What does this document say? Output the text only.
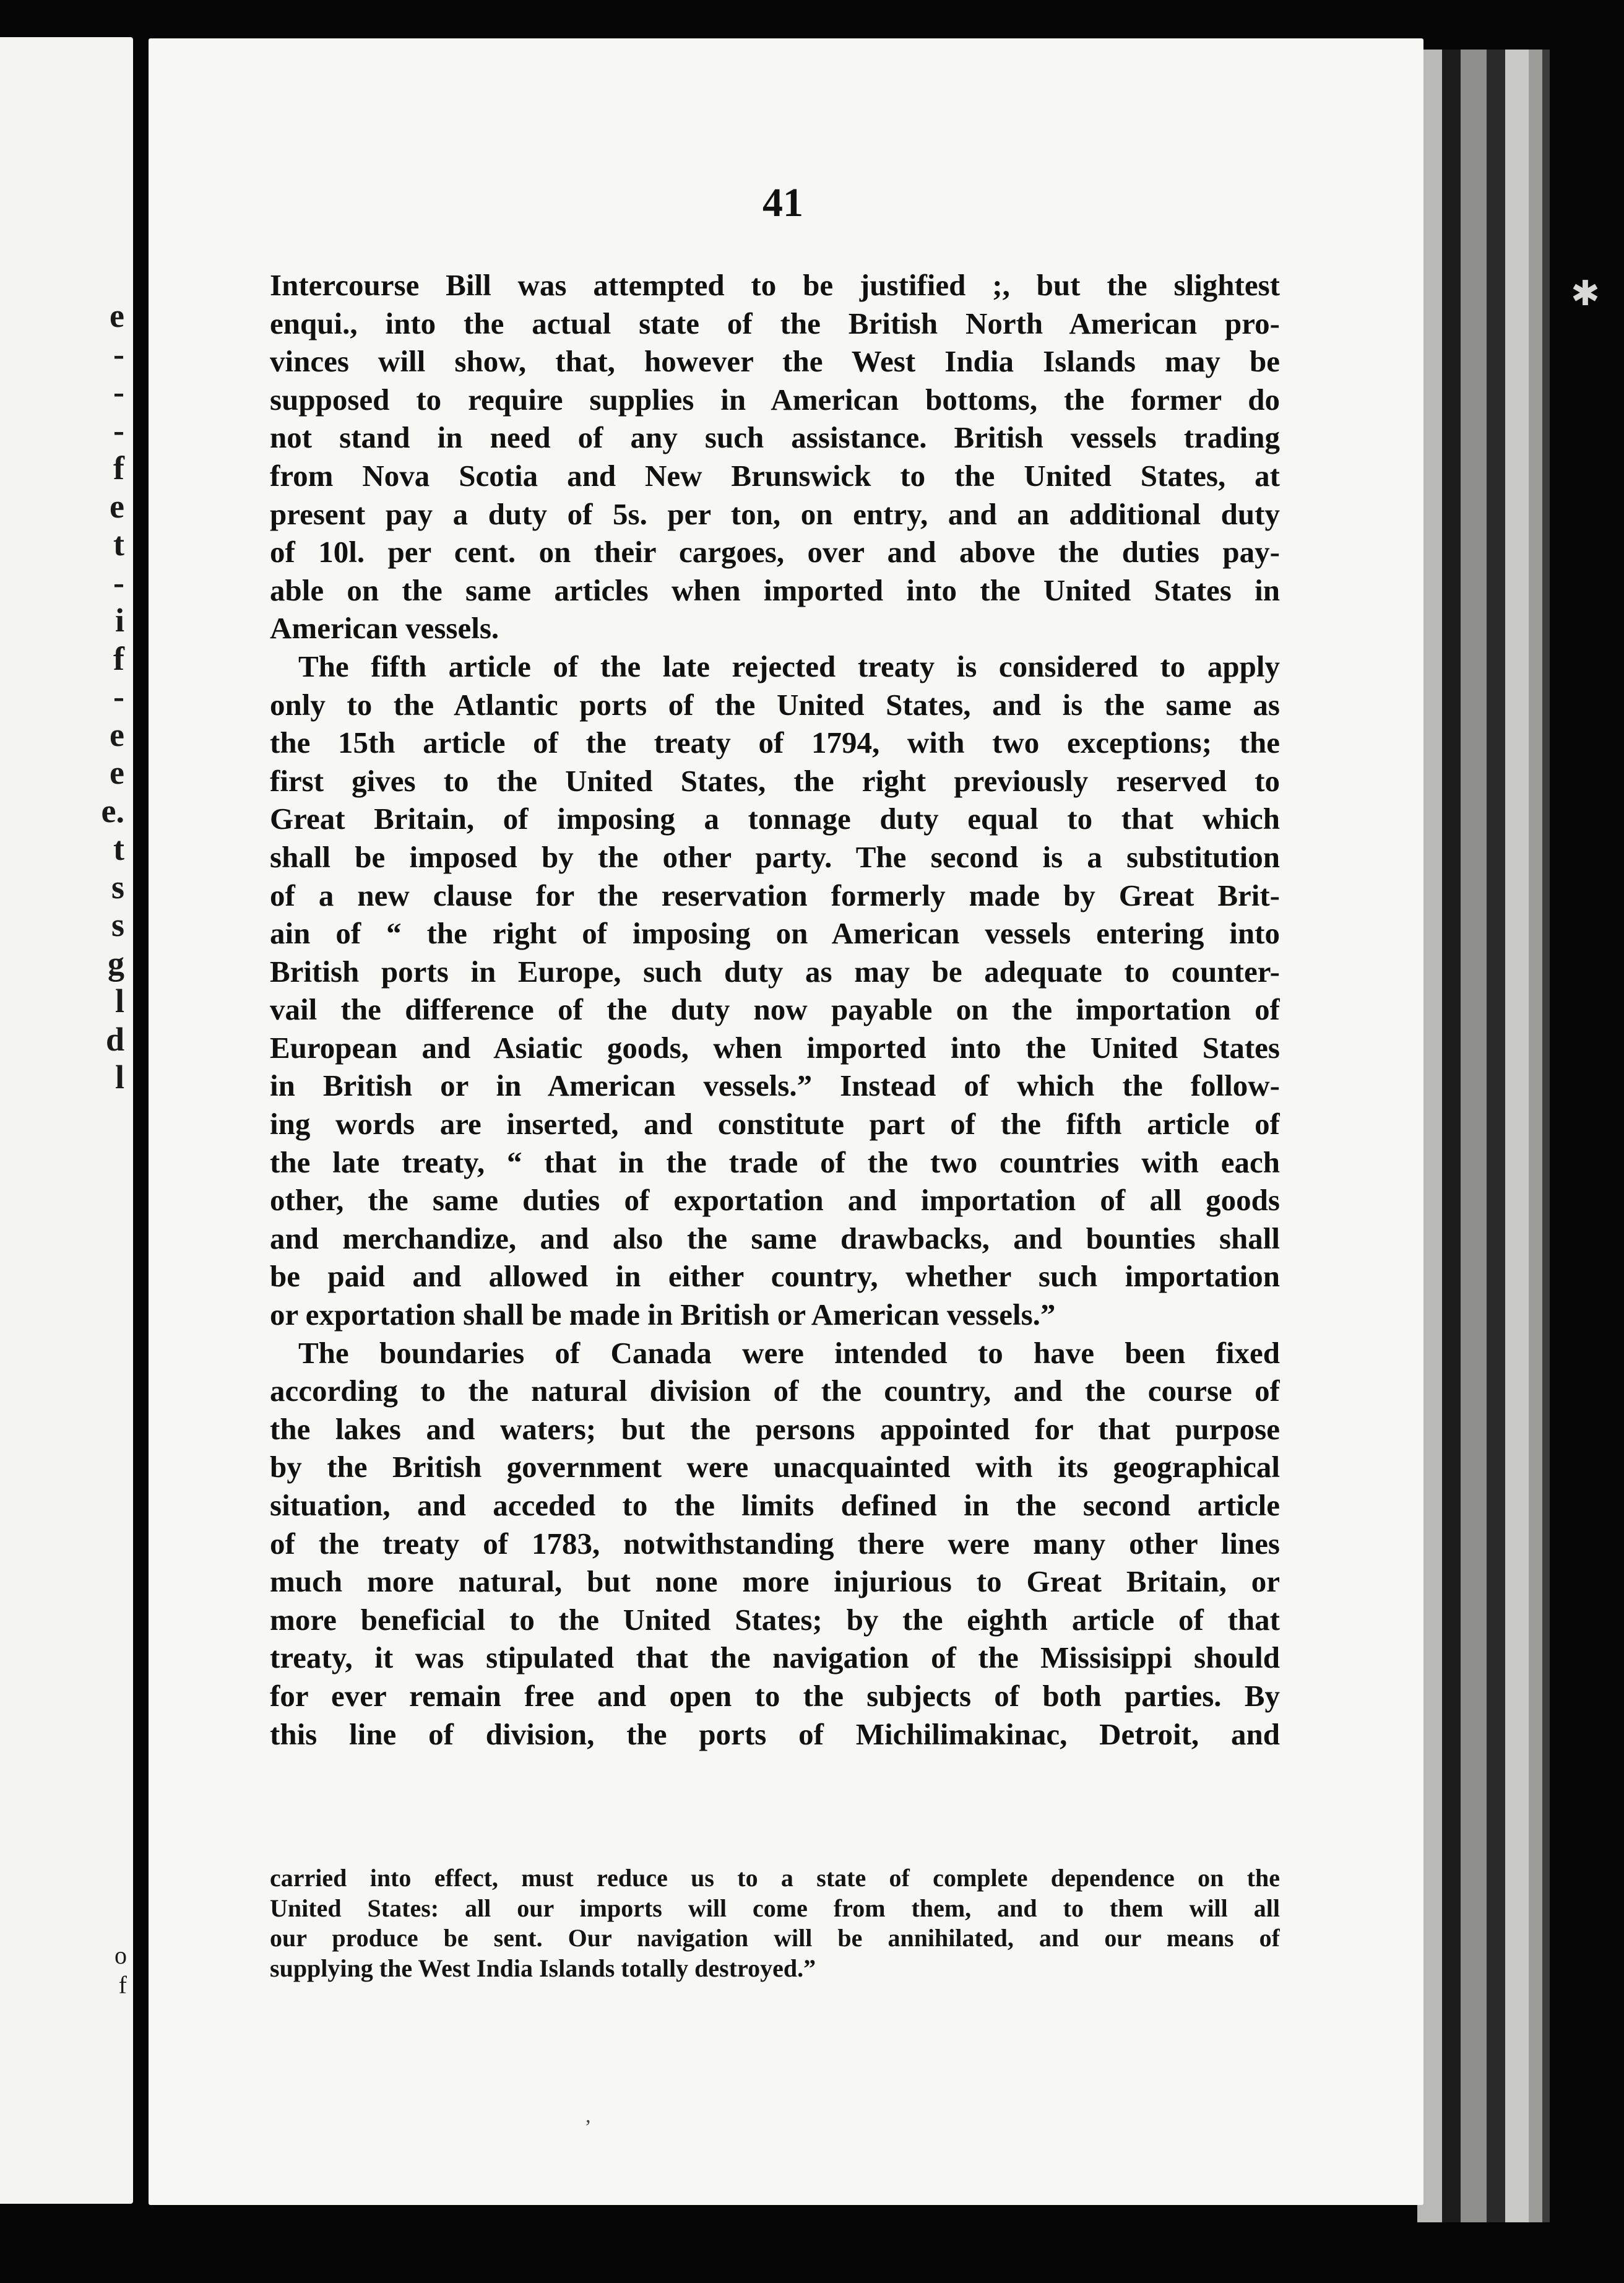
e
-
-
-
f
e
t
-
i
f
-
e
e
e.
t
s
s
g
l
d
l
o
f
✱
41
Intercourse Bill was attempted to be justified ;, but the slightest
enqui., into the actual state of the British North American pro-
vinces will show, that, however the West India Islands may be
supposed to require supplies in American bottoms, the former do
not stand in need of any such assistance. British vessels trading
from Nova Scotia and New Brunswick to the United States, at
present pay a duty of 5s. per ton, on entry, and an additional duty
of 10l. per cent. on their cargoes, over and above the duties pay-
able on the same articles when imported into the United States in
American vessels.
The fifth article of the late rejected treaty is considered to apply
only to the Atlantic ports of the United States, and is the same as
the 15th article of the treaty of 1794, with two exceptions; the
first gives to the United States, the right previously reserved to
Great Britain, of imposing a tonnage duty equal to that which
shall be imposed by the other party. The second is a substitution
of a new clause for the reservation formerly made by Great Brit-
ain of “ the right of imposing on American vessels entering into
British ports in Europe, such duty as may be adequate to counter-
vail the difference of the duty now payable on the importation of
European and Asiatic goods, when imported into the United States
in British or in American vessels.” Instead of which the follow-
ing words are inserted, and constitute part of the fifth article of
the late treaty, “ that in the trade of the two countries with each
other, the same duties of exportation and importation of all goods
and merchandize, and also the same drawbacks, and bounties shall
be paid and allowed in either country, whether such importation
or exportation shall be made in British or American vessels.”
The boundaries of Canada were intended to have been fixed
according to the natural division of the country, and the course of
the lakes and waters; but the persons appointed for that purpose
by the British government were unacquainted with its geographical
situation, and acceded to the limits defined in the second article
of the treaty of 1783, notwithstanding there were many other lines
much more natural, but none more injurious to Great Britain, or
more beneficial to the United States; by the eighth article of that
treaty, it was stipulated that the navigation of the Missisippi should
for ever remain free and open to the subjects of both parties. By
this line of division, the ports of Michilimakinac, Detroit, and
carried into effect, must reduce us to a state of complete dependence on the
United States: all our imports will come from them, and to them will all
our produce be sent. Our navigation will be annihilated, and our means of
supplying the West India Islands totally destroyed.”
’
